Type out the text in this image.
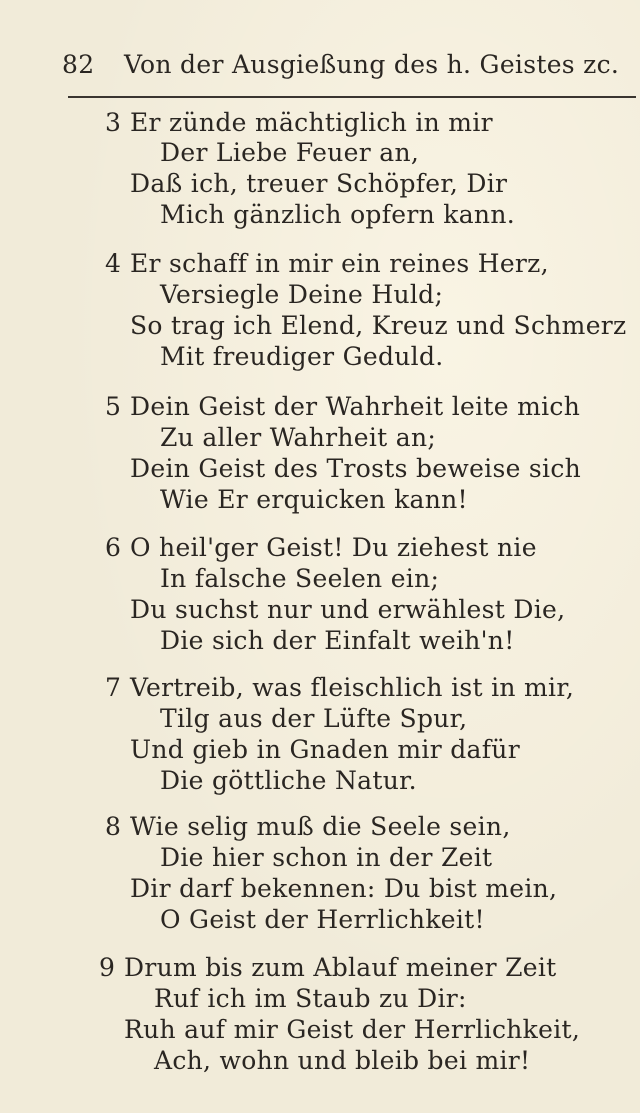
82 Von der Ausgießung des h. Geistes zc.
3 Er zünde mächtiglich in mir
Der Liebe Feuer an,
Daß ich, treuer Schöpfer, Dir
Mich gänzlich opfern kann.
4 Er schaff in mir ein reines Herz,
Versiegle Deine Huld;
So trag ich Elend, Kreuz und Schmerz
Mit freudiger Geduld.
5 Dein Geist der Wahrheit leite mich
Zu aller Wahrheit an;
Dein Geist des Trosts beweise sich
Wie Er erquicken kann!
6 O heil'ger Geist! Du ziehest nie
In falsche Seelen ein;
Du suchst nur und erwählest Die,
Die sich der Einfalt weih'n!
7 Vertreib, was fleischlich ist in mir,
Tilg aus der Lüfte Spur,
Und gieb in Gnaden mir dafür
Die göttliche Natur.
8 Wie selig muß die Seele sein,
Die hier schon in der Zeit
Dir darf bekennen: Du bist mein,
O Geist der Herrlichkeit!
9 Drum bis zum Ablauf meiner Zeit
Ruf ich im Staub zu Dir:
Ruh auf mir Geist der Herrlichkeit,
Ach, wohn und bleib bei mir!
